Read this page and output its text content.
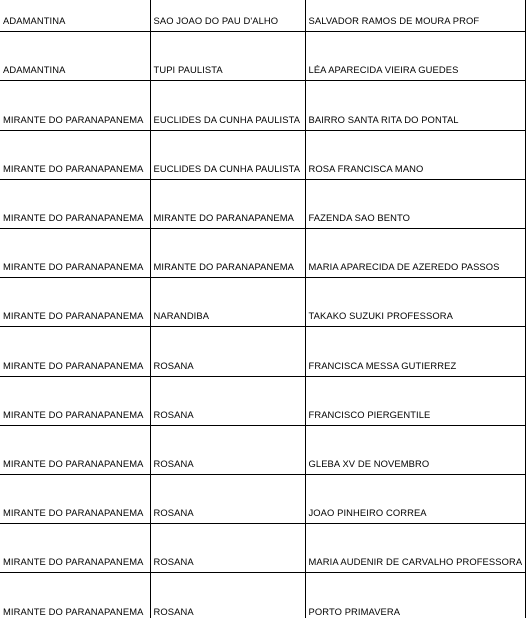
ADAMANTINA	SAO JOAO DO PAU D'ALHO	SALVADOR RAMOS DE MOURA PROF
ADAMANTINA	TUPI PAULISTA	LÉA APARECIDA VIEIRA GUEDES
MIRANTE DO PARANAPANEMA	EUCLIDES DA CUNHA PAULISTA	BAIRRO SANTA RITA DO PONTAL
MIRANTE DO PARANAPANEMA	EUCLIDES DA CUNHA PAULISTA	ROSA FRANCISCA MANO
MIRANTE DO PARANAPANEMA	MIRANTE DO PARANAPANEMA	FAZENDA SAO BENTO
MIRANTE DO PARANAPANEMA	MIRANTE DO PARANAPANEMA	MARIA APARECIDA DE AZEREDO PASSOS
MIRANTE DO PARANAPANEMA	NARANDIBA	TAKAKO SUZUKI PROFESSORA
MIRANTE DO PARANAPANEMA	ROSANA	FRANCISCA MESSA GUTIERREZ
MIRANTE DO PARANAPANEMA	ROSANA	FRANCISCO PIERGENTILE
MIRANTE DO PARANAPANEMA	ROSANA	GLEBA XV DE NOVEMBRO
MIRANTE DO PARANAPANEMA	ROSANA	JOAO PINHEIRO CORREA
MIRANTE DO PARANAPANEMA	ROSANA	MARIA AUDENIR DE CARVALHO PROFESSORA
MIRANTE DO PARANAPANEMA	ROSANA	PORTO PRIMAVERA
